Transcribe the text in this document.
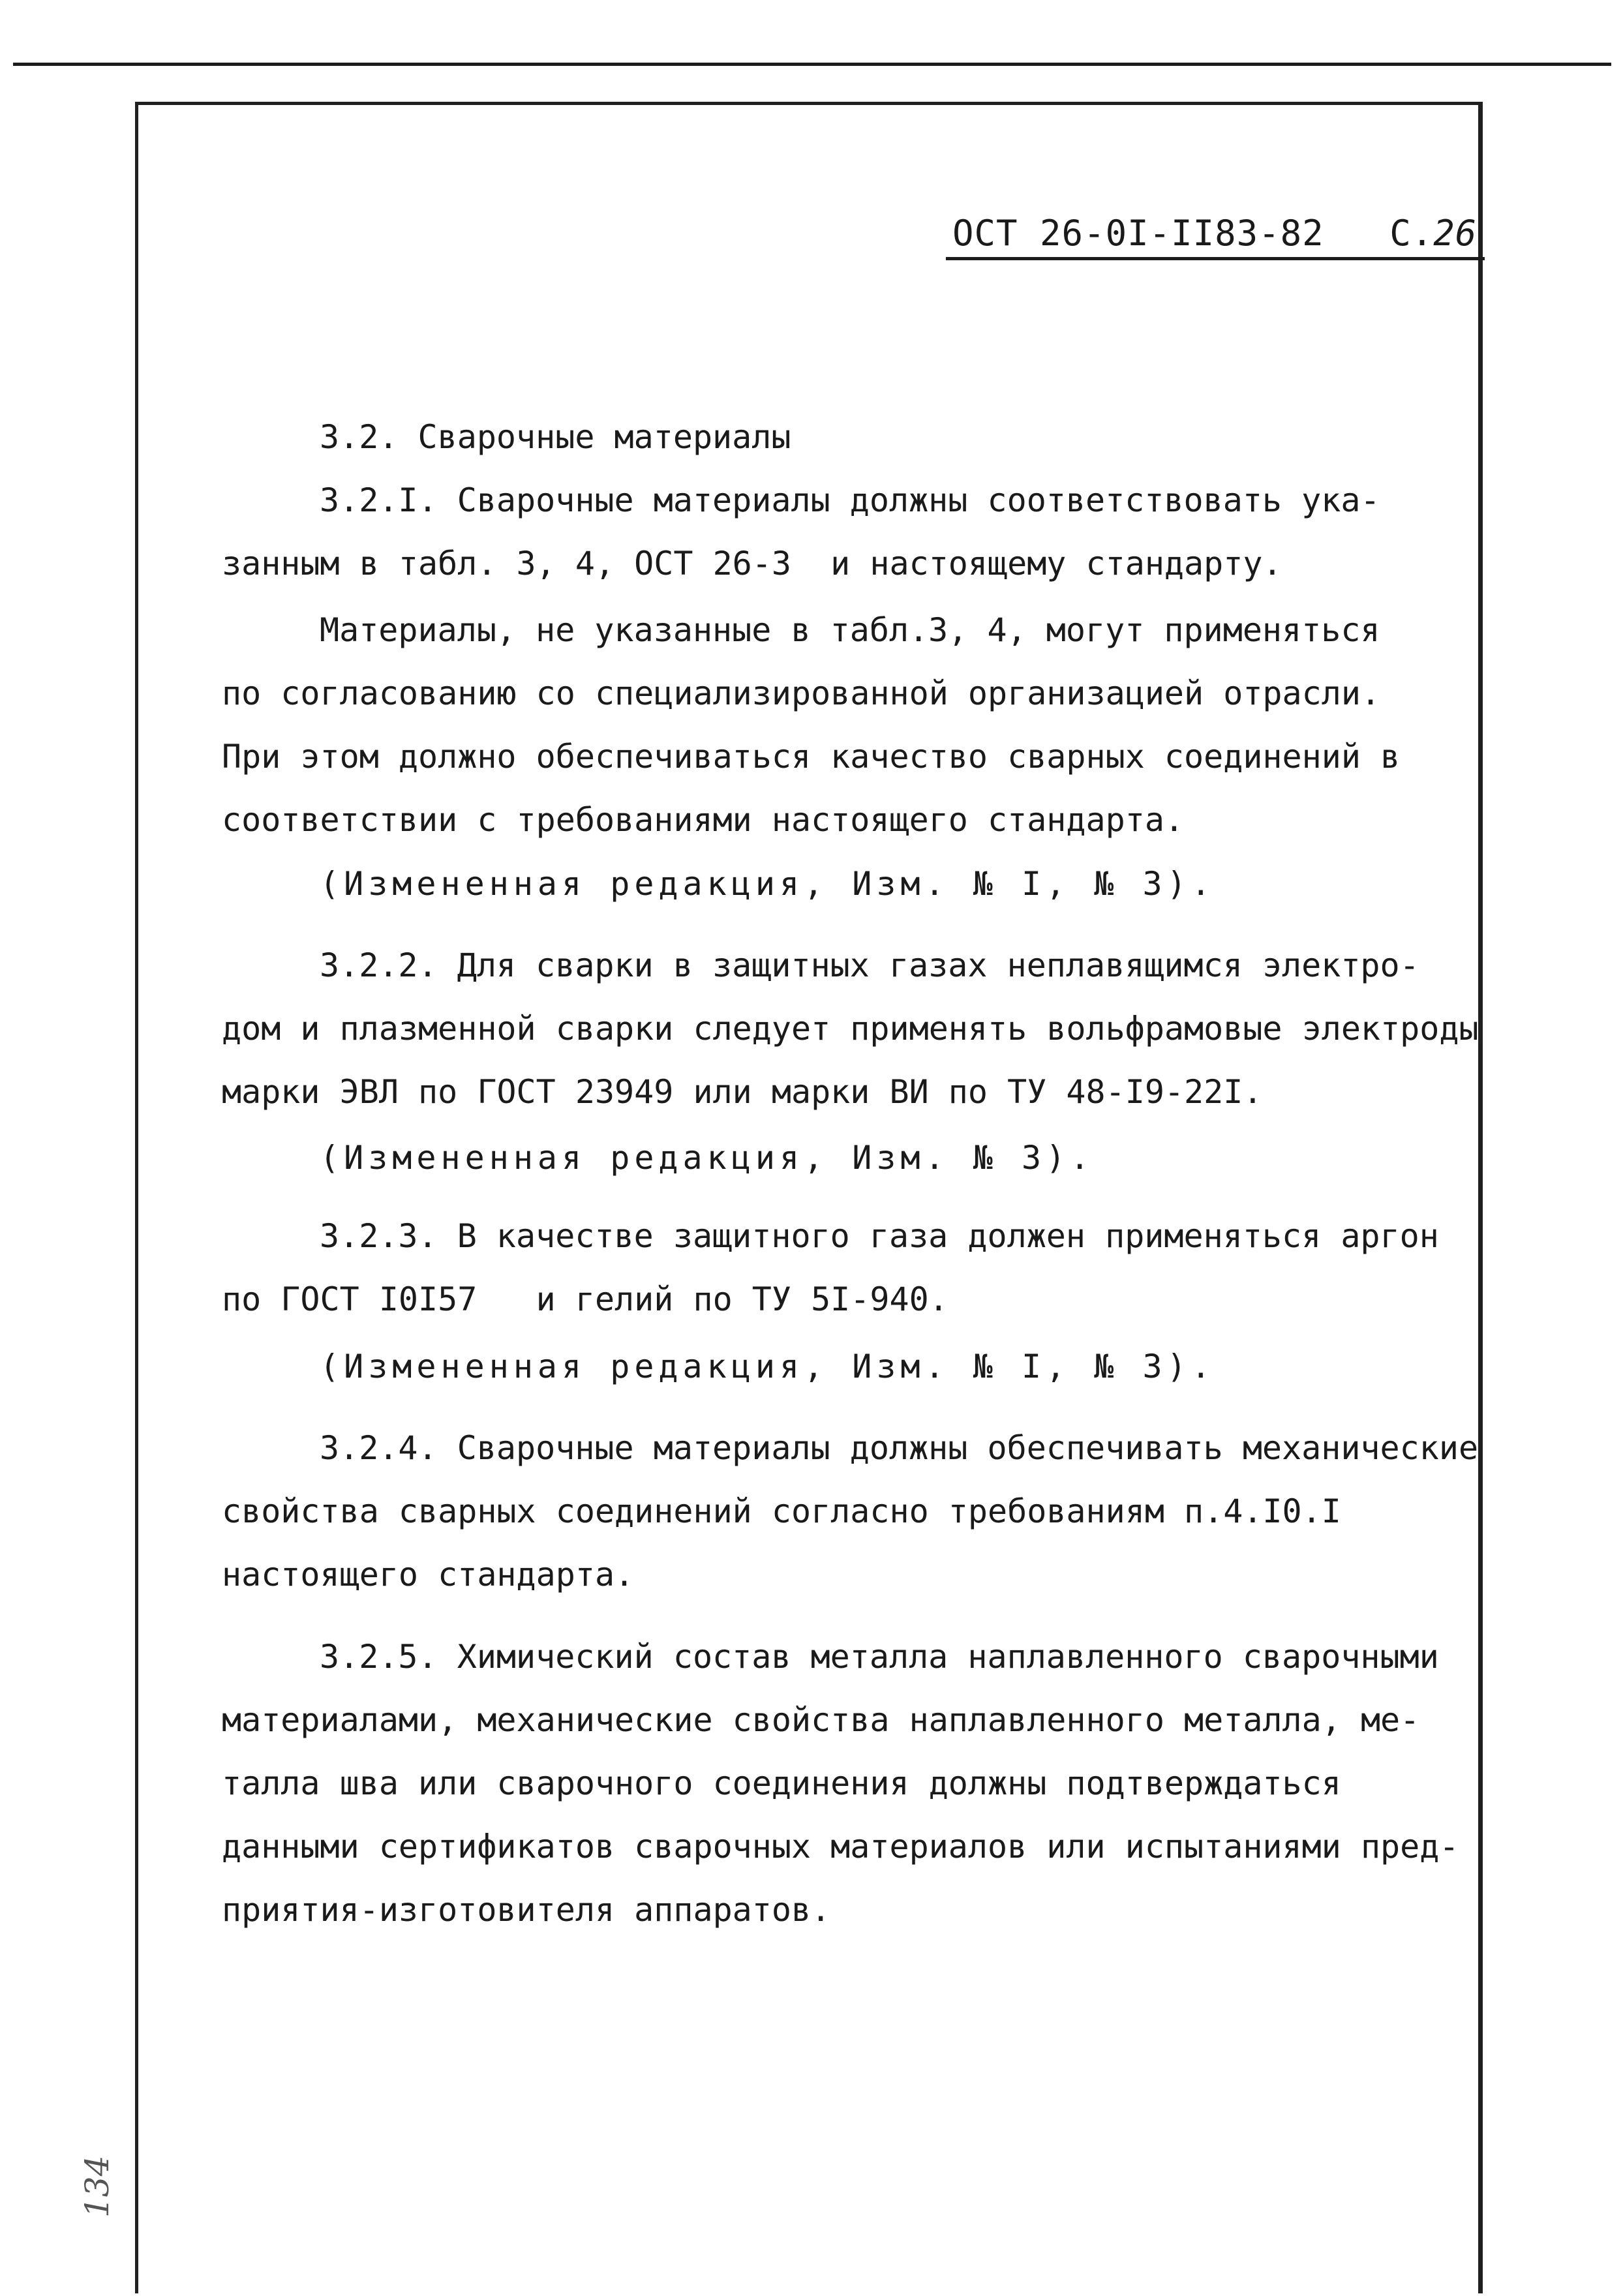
ОСТ 26-0I-II83-82 С.26

3.2. Сварочные материалы

3.2.I. Сварочные материалы должны соответствовать ука-

занным в табл. 3, 4, ОСТ 26-3  и настоящему стандарту.

Материалы, не указанные в табл.3, 4, могут применяться

по согласованию со специализированной организацией отрасли.

При этом должно обеспечиваться качество сварных соединений в

соответствии с требованиями настоящего стандарта.

(Измененная редакция, Изм. № I, № 3).

3.2.2. Для сварки в защитных газах неплавящимся электро-

дом и плазменной сварки следует применять вольфрамовые электроды

марки ЭВЛ по ГОСТ 23949 или марки ВИ по ТУ 48-I9-22I.

(Измененная редакция, Изм. № 3).

3.2.3. В качестве защитного газа должен применяться аргон

по ГОСТ I0I57   и гелий по ТУ 5I-940.

(Измененная редакция, Изм. № I, № 3).

3.2.4. Сварочные материалы должны обеспечивать механические

свойства сварных соединений согласно требованиям п.4.I0.I

настоящего стандарта.

3.2.5. Химический состав металла наплавленного сварочными

материалами, механические свойства наплавленного металла, ме-

талла шва или сварочного соединения должны подтверждаться

данными сертификатов сварочных материалов или испытаниями пред-

приятия-изготовителя аппаратов.

134
